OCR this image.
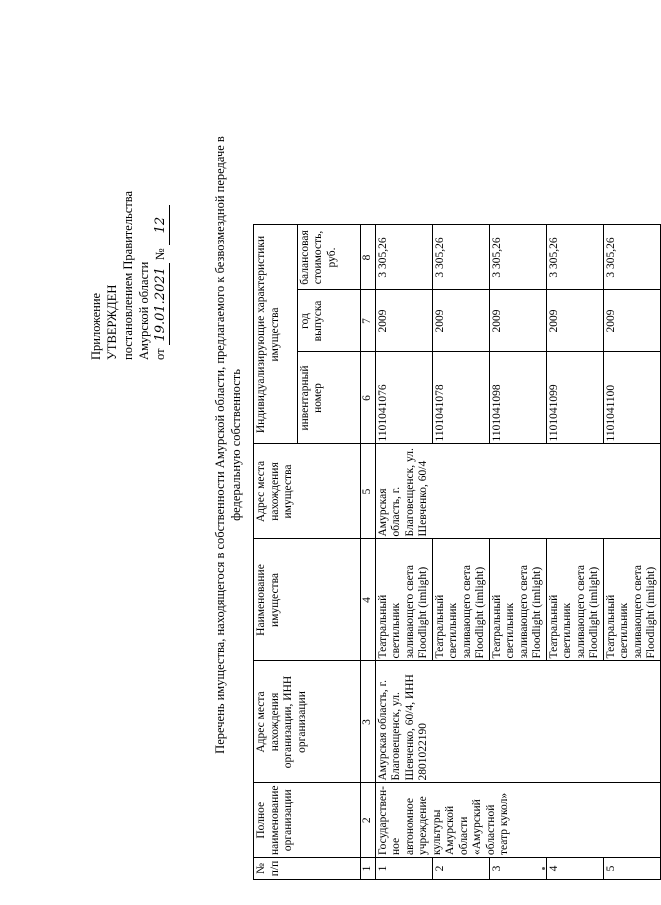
Приложение УТВЕРЖДЕН постановлением Правительства Амурской области от 19.01.2021 № 12	Перечень имущества, находящегося в собственности Амурской области, предлагаемого к безвозмездной передаче в федеральную собственность
№ п/п	Полное наименование организации	Адрес места нахождения организации, ИНН организации	Наименование имущества	Адрес места нахождения имущества	Индивидуализирующие характеристики имущества		
					инвентарный номер	год выпуска	балансовая стоимость, руб.
1	2	3	4	5	6	7	8
1	Государствен-ное автономное учреждение культуры Амурской области «Амурский областной театр кукол»	Амурская область, г. Благовещенск, ул. Шевченко, 60/4, ИНН 2801022190	Театральный светильник заливающего света Floodlight (imlight)	Амурская область, г. Благовещенск, ул. Шевченко, 60/4	1101041076	2009	3 305,26
2			Театральный светильник заливающего света Floodlight (imlight)		1101041078	2009	3 305,26
3			Театральный светильник заливающего света Floodlight (imlight)		1101041098	2009	3 305,26
4			Театральный светильник заливающего света Floodlight (imlight)		1101041099	2009	3 305,26
5			Театральный светильник заливающего света Floodlight (imlight)		1101041100	2009	3 305,26
